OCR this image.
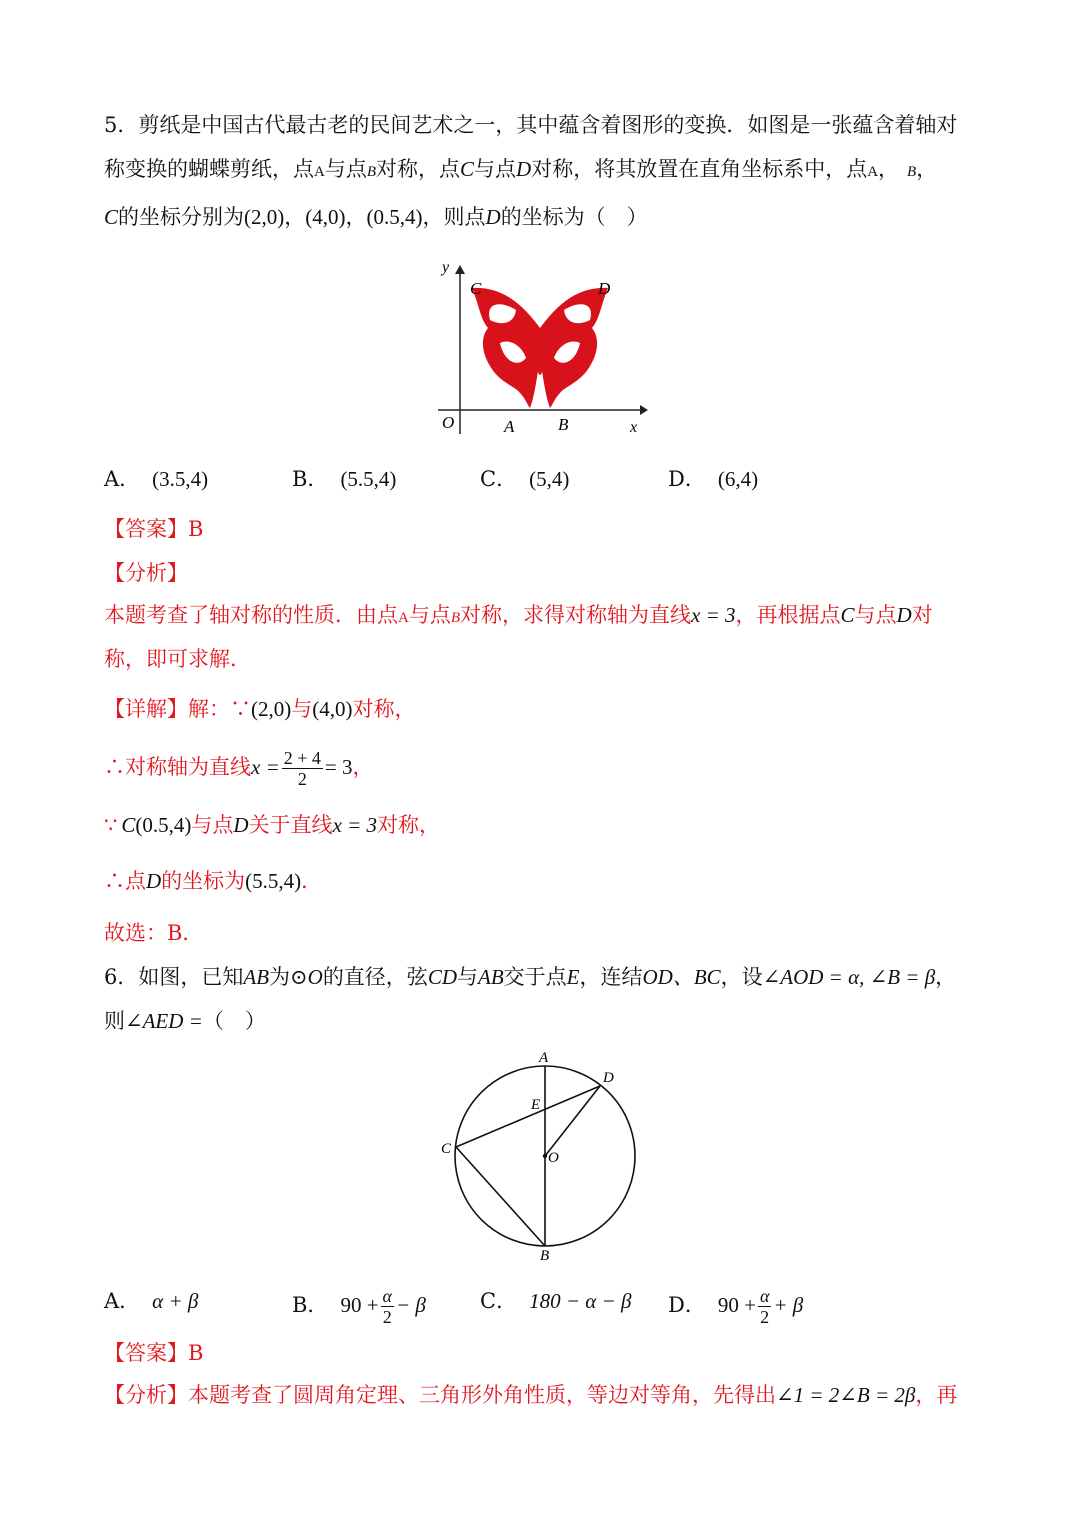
5．剪纸是中国古代最古老的民间艺术之一，其中蕴含着图形的变换．如图是一张蕴含着轴对
称变换的蝴蝶剪纸，点A与点B对称，点C与点D对称，将其放置在直角坐标系中，点A， B，
C的坐标分别为(2,0)，(4,0)，(0.5,4)，则点D的坐标为（　）
y
x
O	A	B
C	D
A． (3.5,4)	B． (5.5,4)	C． (5,4)	D． (6,4)
【答案】B
【分析】
本题考查了轴对称的性质．由点A与点B对称，求得对称轴为直线x = 3，再根据点C与点D对
称，即可求解．
【详解】解：∵(2,0)与(4,0)对称，
∴对称轴为直线$x = \frac{2 + 4}{2} = 3$，
∵ C(0.5,4)与点D关于直线x = 3对称，
∴点D的坐标为(5.5,4)．
故选：B．
6．如图，已知AB为⊙O的直径，弦CD与AB交于点E，连结OD、BC，设∠AOD = α, ∠B = β，
则∠AED =（　）
A
B
C
D
E
O
A． α + β	B． $90 + \frac{\alpha}{2} - \beta$	C． 180 − α − β D． $90 + \frac{\alpha}{2} + \beta$
【答案】B
【分析】本题考查了圆周角定理、三角形外角性质，等边对等角，先得出∠1 = 2∠B = 2β，再
